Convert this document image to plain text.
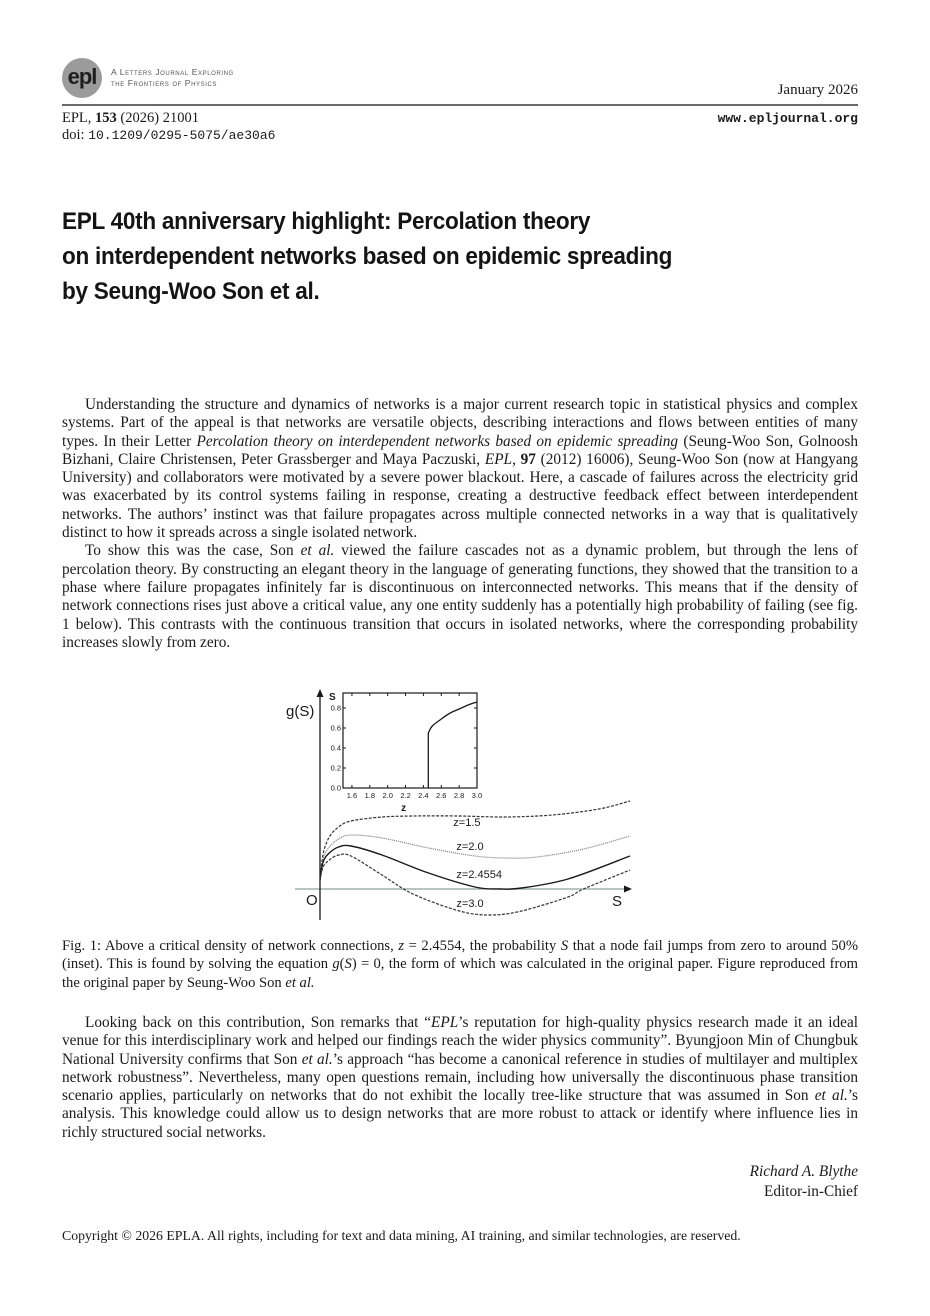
epl A Letters Journal Exploring
the Frontiers of Physics	January 2026
EPL, 153 (2026) 21001
doi: 10.1209/0295-5075/ae30a6
www.epljournal.org
EPL 40th anniversary highlight: Percolation theory
on interdependent networks based on epidemic spreading
by Seung-Woo Son et al.

Understanding the structure and dynamics of networks is a major current research topic in statistical physics and complex systems. Part of the appeal is that networks are versatile objects, describing interactions and flows between entities of many types. In their Letter Percolation theory on interdependent networks based on epidemic spreading (Seung-Woo Son, Golnoosh Bizhani, Claire Christensen, Peter Grassberger and Maya Paczuski, EPL, 97 (2012) 16006), Seung-Woo Son (now at Hangyang University) and collaborators were motivated by a severe power blackout. Here, a cascade of failures across the electricity grid was exacerbated by its control systems failing in response, creating a destructive feedback effect between interdependent networks. The authors’ instinct was that failure propagates across multiple connected networks in a way that is qualitatively distinct to how it spreads across a single isolated network.

To show this was the case, Son et al. viewed the failure cascades not as a dynamic problem, but through the lens of percolation theory. By constructing an elegant theory in the language of generating functions, they showed that the transition to a phase where failure propagates infinitely far is discontinuous on interconnected networks. This means that if the density of network connections rises just above a critical value, any one entity suddenly has a potentially high probability of failing (see fig. 1 below). This contrasts with the continuous transition that occurs in isolated networks, where the corresponding probability increases slowly from zero.

g(S)
S
O
z=1.5
z=2.0
z=2.4554
z=3.0
1.6 1.8 2.0 2.2 2.4 2.6 2.8 3.0
0.0
0.2
0.4
0.6
0.8
S
z
Fig. 1: Above a critical density of network connections, z = 2.4554, the probability S that a node fail jumps from zero to around 50% (inset). This is found by solving the equation g(S) = 0, the form of which was calculated in the original paper. Figure reproduced from the original paper by Seung-Woo Son et al.

Looking back on this contribution, Son remarks that “EPL’s reputation for high-quality physics research made it an ideal venue for this interdisciplinary work and helped our findings reach the wider physics community”. Byungjoon Min of Chungbuk National University confirms that Son et al.’s approach “has become a canonical reference in studies of multilayer and multiplex network robustness”. Nevertheless, many open questions remain, including how universally the discontinuous phase transition scenario applies, particularly on networks that do not exhibit the locally tree-like structure that was assumed in Son et al.’s analysis. This knowledge could allow us to design networks that are more robust to attack or identify where influence lies in richly structured social networks.

Richard A. Blythe
Editor-in-Chief
Copyright © 2026 EPLA. All rights, including for text and data mining, AI training, and similar technologies, are reserved.
